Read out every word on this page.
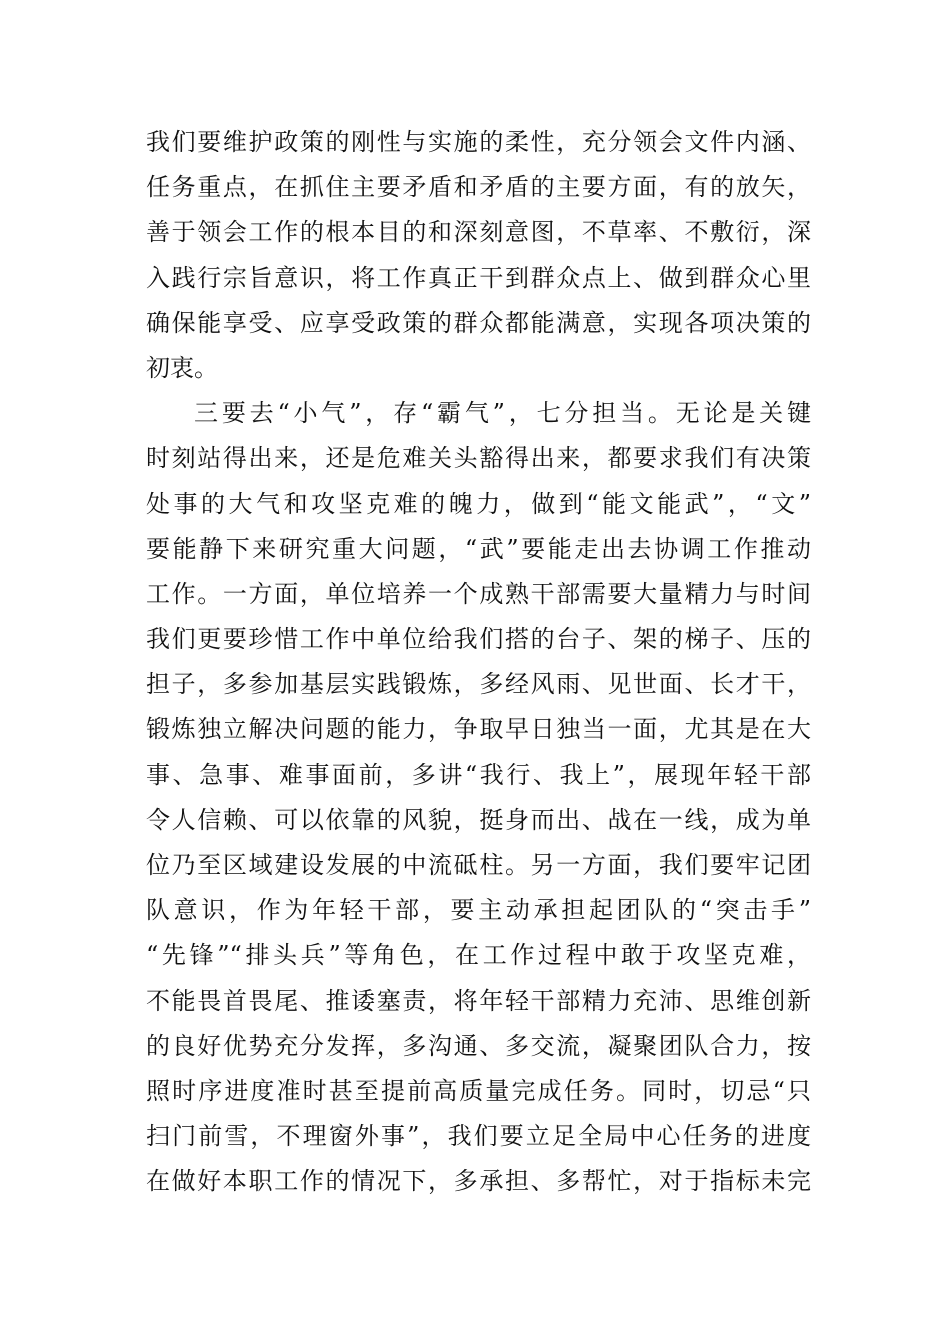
我们要维护政策的刚性与实施的柔性，充分领会文件内涵、
任务重点，在抓住主要矛盾和矛盾的主要方面，有的放矢，
善于领会工作的根本目的和深刻意图，不草率、不敷衍，深
入践行宗旨意识，将工作真正干到群众点上、做到群众心里
确保能享受、应享受政策的群众都能满意，实现各项决策的
初衷。
三要去“小气”，存“霸气”，七分担当。无论是关键
时刻站得出来，还是危难关头豁得出来，都要求我们有决策
处事的大气和攻坚克难的魄力，做到“能文能武”，“文”
要能静下来研究重大问题，“武”要能走出去协调工作推动
工作。一方面，单位培养一个成熟干部需要大量精力与时间
我们更要珍惜工作中单位给我们搭的台子、架的梯子、压的
担子，多参加基层实践锻炼，多经风雨、见世面、长才干，
锻炼独立解决问题的能力，争取早日独当一面，尤其是在大
事、急事、难事面前，多讲“我行、我上”，展现年轻干部
令人信赖、可以依靠的风貌，挺身而出、战在一线，成为单
位乃至区域建设发展的中流砥柱。另一方面，我们要牢记团
队意识，作为年轻干部，要主动承担起团队的“突击手”
“先锋”“排头兵”等角色，在工作过程中敢于攻坚克难，
不能畏首畏尾、推诿塞责，将年轻干部精力充沛、思维创新
的良好优势充分发挥，多沟通、多交流，凝聚团队合力，按
照时序进度准时甚至提前高质量完成任务。同时，切忌“只
扫门前雪，不理窗外事”，我们要立足全局中心任务的进度
在做好本职工作的情况下，多承担、多帮忙，对于指标未完
